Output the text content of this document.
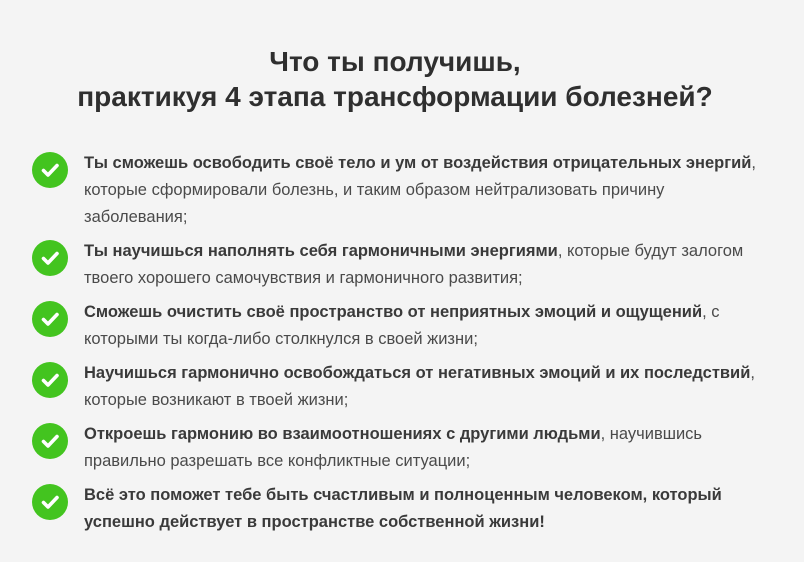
Что ты получишь,
практикуя 4 этапа трансформации болезней?
Ты сможешь освободить своё тело и ум от воздействия отрицательных энергий, которые сформировали болезнь, и таким образом нейтрализовать причину заболевания;
Ты научишься наполнять себя гармоничными энергиями, которые будут залогом твоего хорошего самочувствия и гармоничного развития;
Сможешь очистить своё пространство от неприятных эмоций и ощущений, с которыми ты когда-либо столкнулся в своей жизни;
Научишься гармонично освобождаться от негативных эмоций и их последствий, которые возникают в твоей жизни;
Откроешь гармонию во взаимоотношениях с другими людьми, научившись правильно разрешать все конфликтные ситуации;
Всё это поможет тебе быть счастливым и полноценным человеком, который успешно действует в пространстве собственной жизни!
